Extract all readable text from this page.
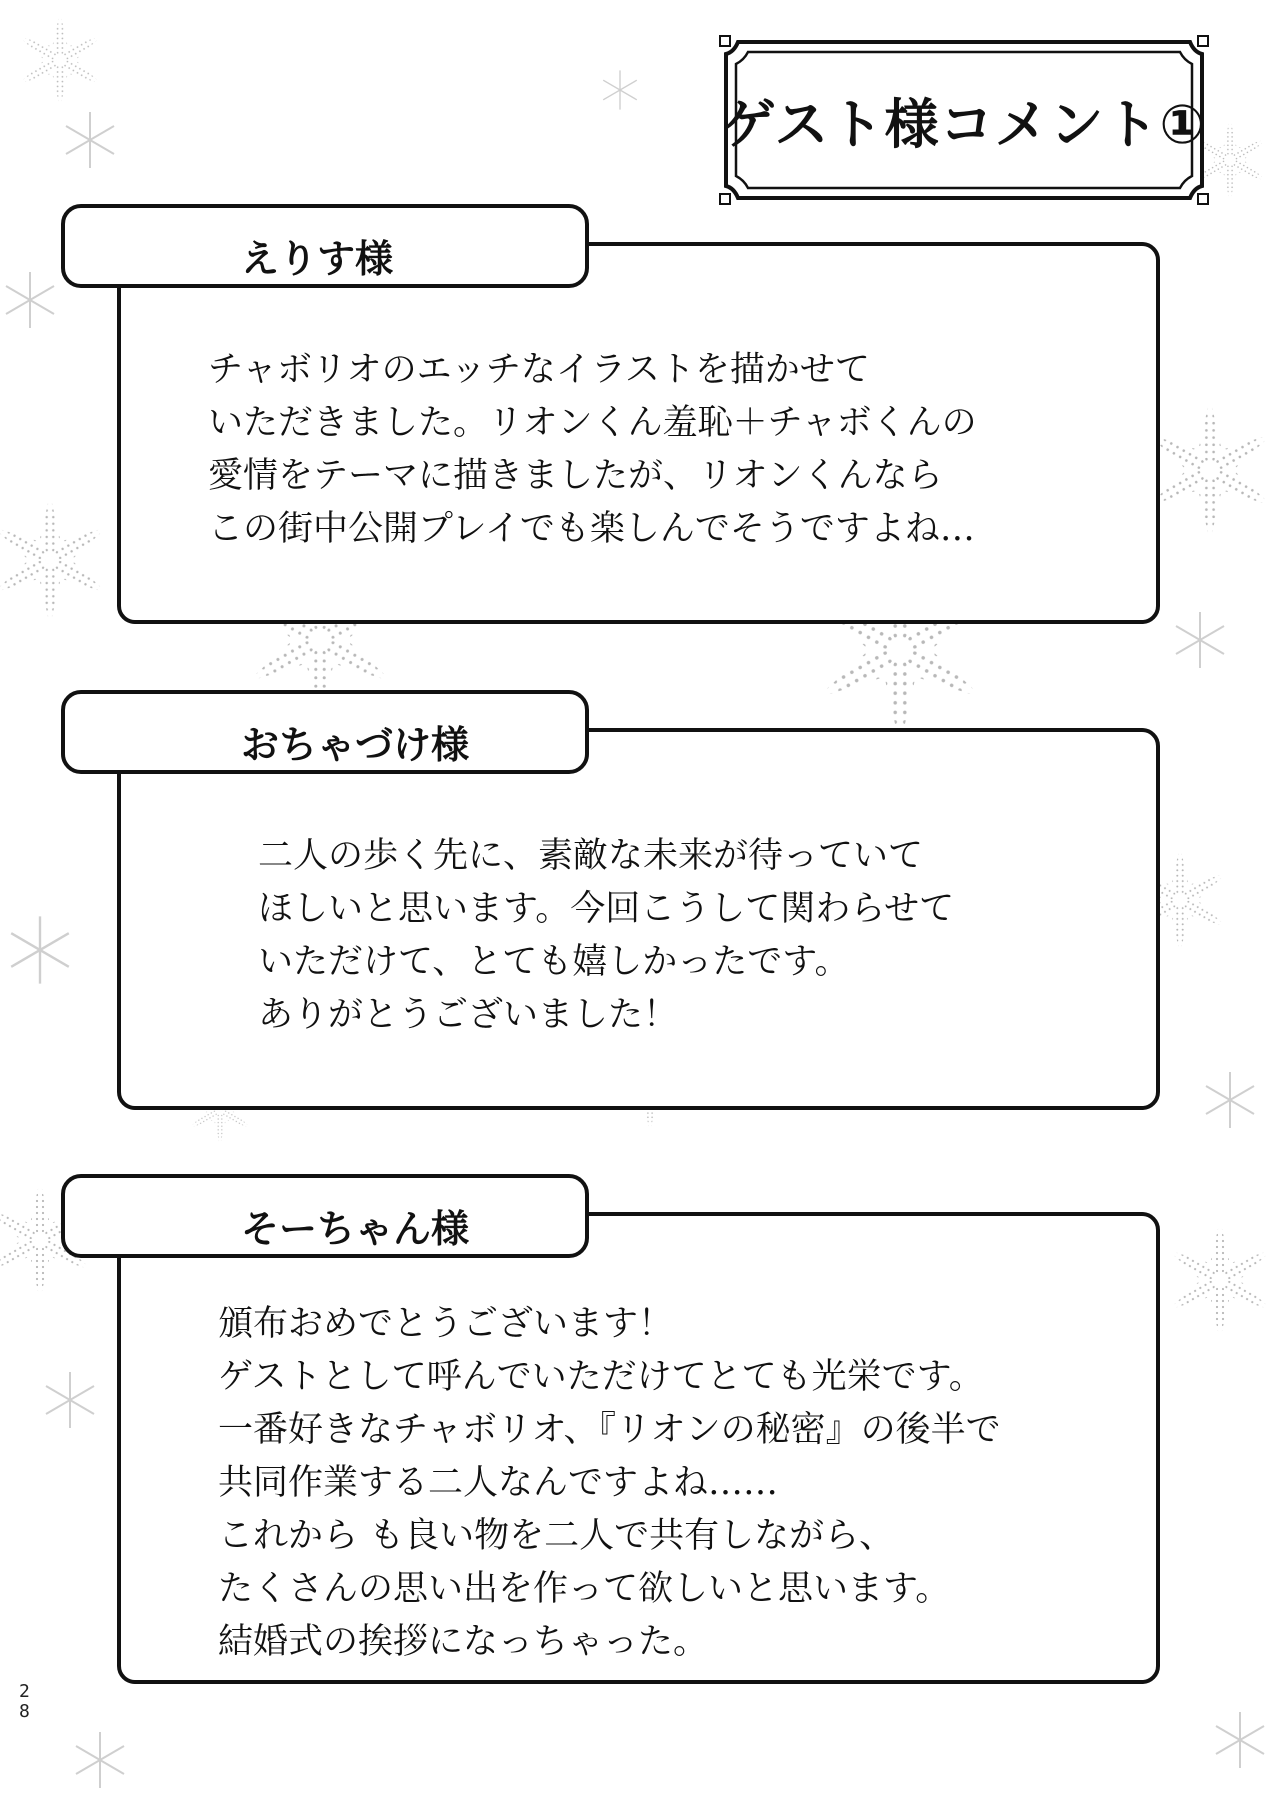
ゲスト様コメント①
えりす様
チャボリオのエッチなイラストを描かせて
いただきました。リオンくん羞恥＋チャボくんの
愛情をテーマに描きましたが、リオンくんなら
この街中公開プレイでも楽しんでそうですよね…
おちゃづけ様
二人の歩く先に、素敵な未来が待っていて
ほしいと思います。今回こうして関わらせて
いただけて、とても嬉しかったです。
ありがとうございました！
そーちゃん様
頒布おめでとうございます！
ゲストとして呼んでいただけてとても光栄です。
一番好きなチャボリオ、『リオンの秘密』の後半で
共同作業する二人なんですよね……
これから も良い物を二人で共有しながら、
たくさんの思い出を作って欲しいと思います。
結婚式の挨拶になっちゃった。
28
